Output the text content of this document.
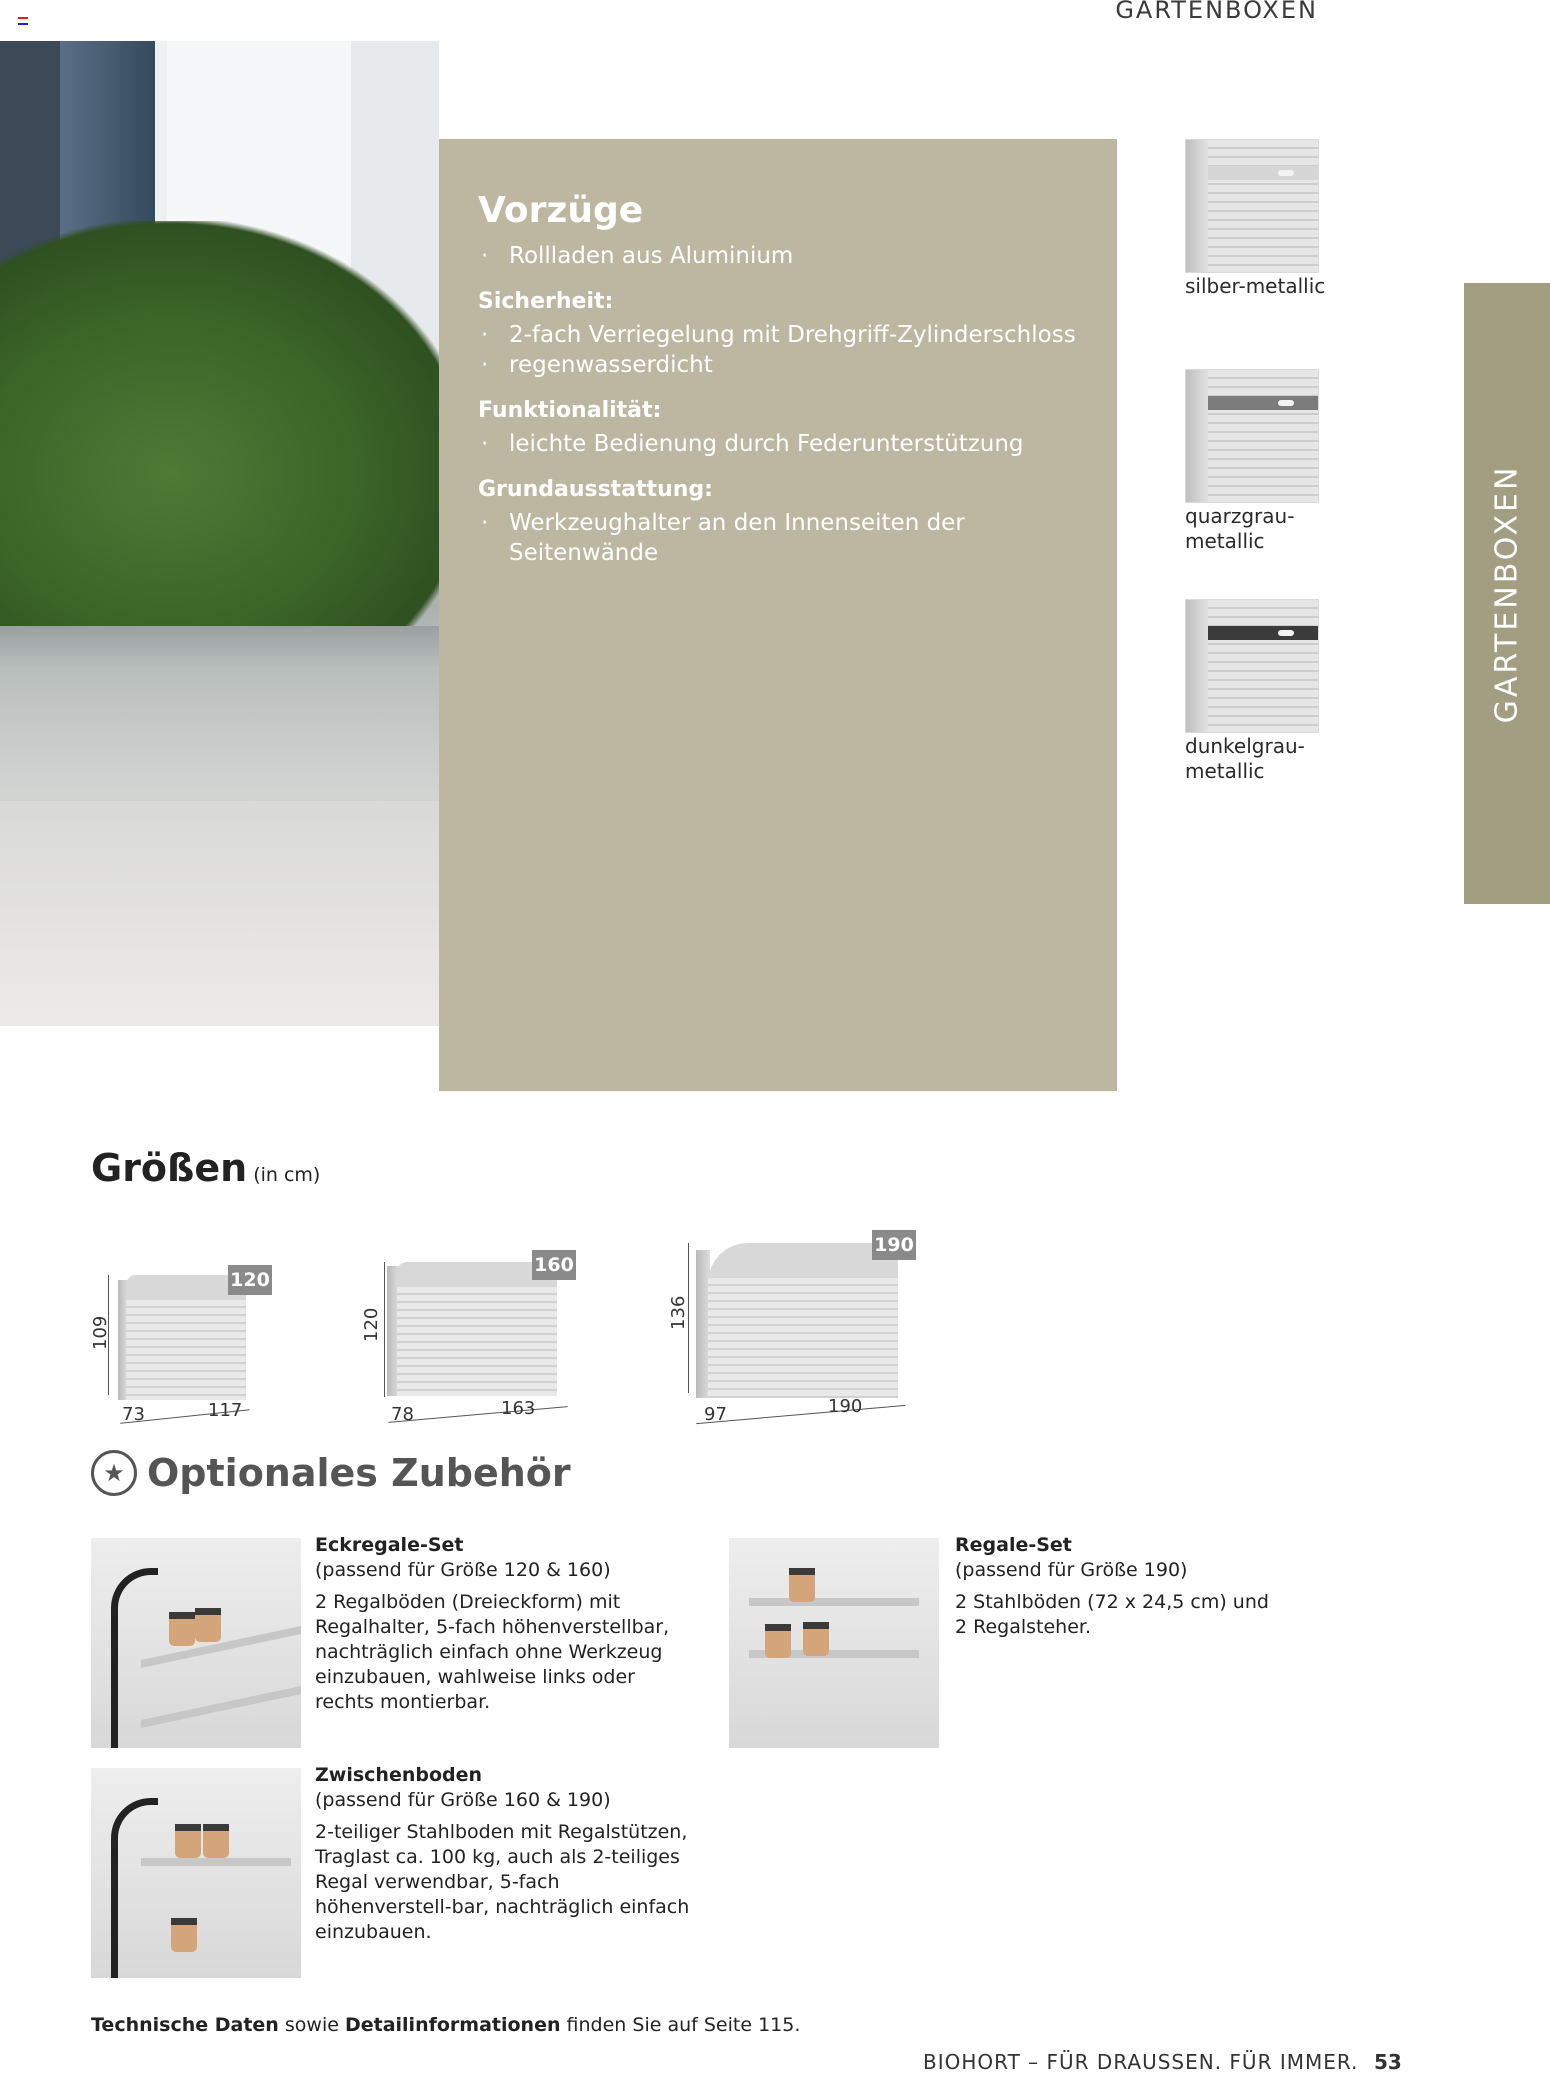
GARTENBOXEN
Vorzüge
· Rollladen aus Aluminium
Sicherheit:
· 2-fach Verriegelung mit Drehgriff-Zylinderschloss
· regenwasserdicht
Funktionalität:
· leichte Bedienung durch Federunterstützung
Grundausstattung:
· Werkzeughalter an den Innenseiten der Seitenwände
silber-metallic
quarzgrau-metallic
dunkelgrau-metallic
GARTENBOXEN
Größen (in cm)
120
109
73	117
160
120
78	163
190
136
97	190
★ Optionales Zubehör

Eckregale-Set

(passend für Größe 120 & 160)

2 Regalböden (Dreieckform) mit Regalhalter, 5-fach höhenverstellbar, nachträglich einfach ohne Werkzeug einzubauen, wahlweise links oder rechts montierbar.

Regale-Set

(passend für Größe 190)

2 Stahlböden (72 x 24,5 cm) und 2 Regalsteher.

Zwischenboden

(passend für Größe 160 & 190)

2-teiliger Stahlboden mit Regalstützen, Traglast ca. 100 kg, auch als 2-teiliges Regal verwendbar, 5-fach höhenverstell-bar, nachträglich einfach einzubauen.

Technische Daten sowie Detailinformationen finden Sie auf Seite 115.
BIOHORT – FÜR DRAUSSEN. FÜR IMMER. 53
